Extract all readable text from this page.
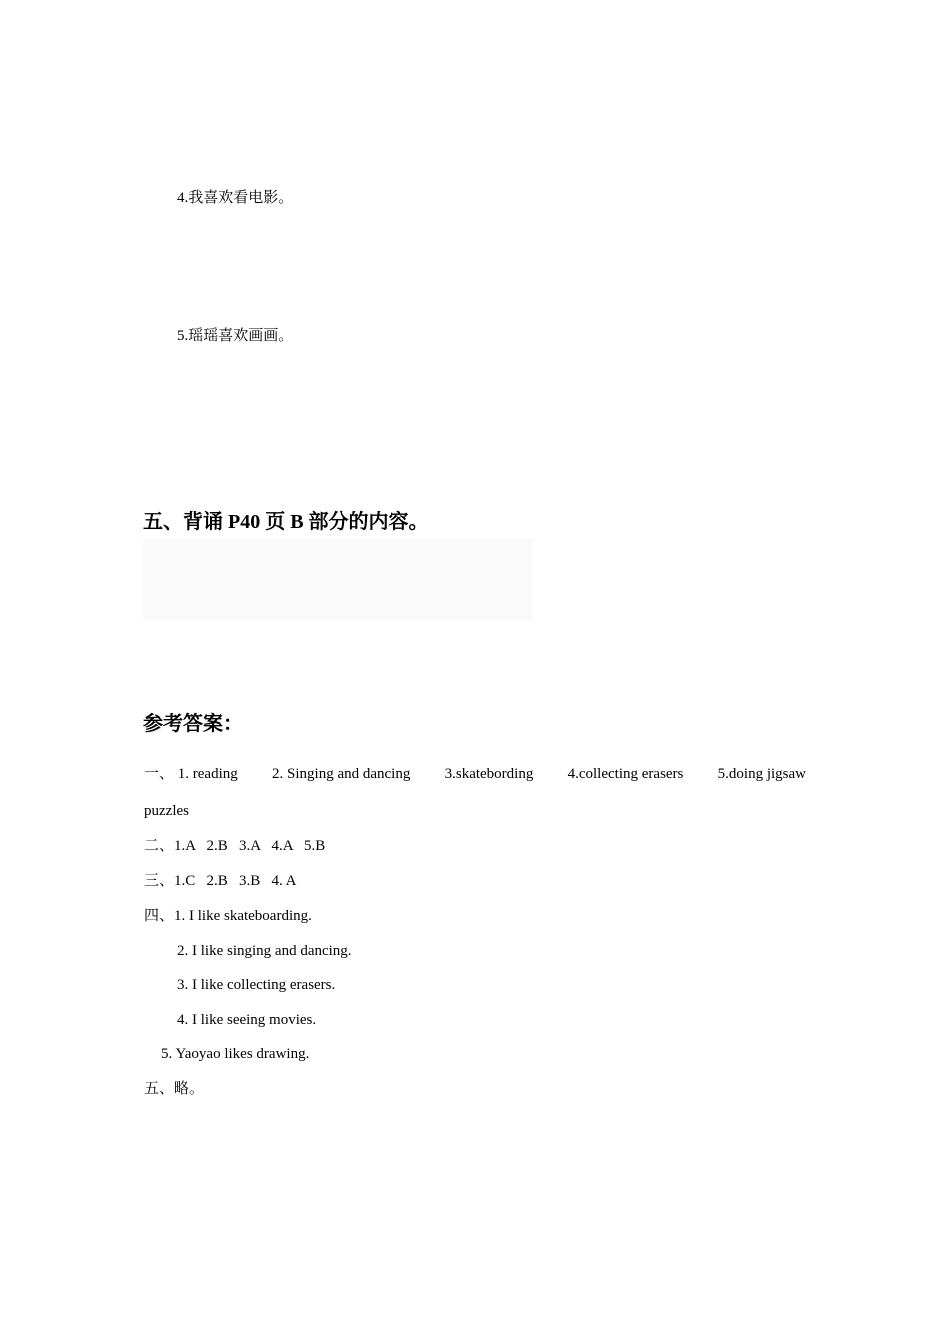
4.我喜欢看电影。
5.瑶瑶喜欢画画。
五、背诵 P40 页 B 部分的内容。
参考答案：
一、 1. reading 2. Singing and dancing 3.skatebording 4.collecting erasers 5.doing jigsaw
puzzles
二、1.A   2.B   3.A   4.A   5.B
三、1.C   2.B   3.B   4. A
四、1. I like skateboarding.
2. I like singing and dancing.
3. I like collecting erasers.
4. I like seeing movies.
5. Yaoyao likes drawing.
五、略。
